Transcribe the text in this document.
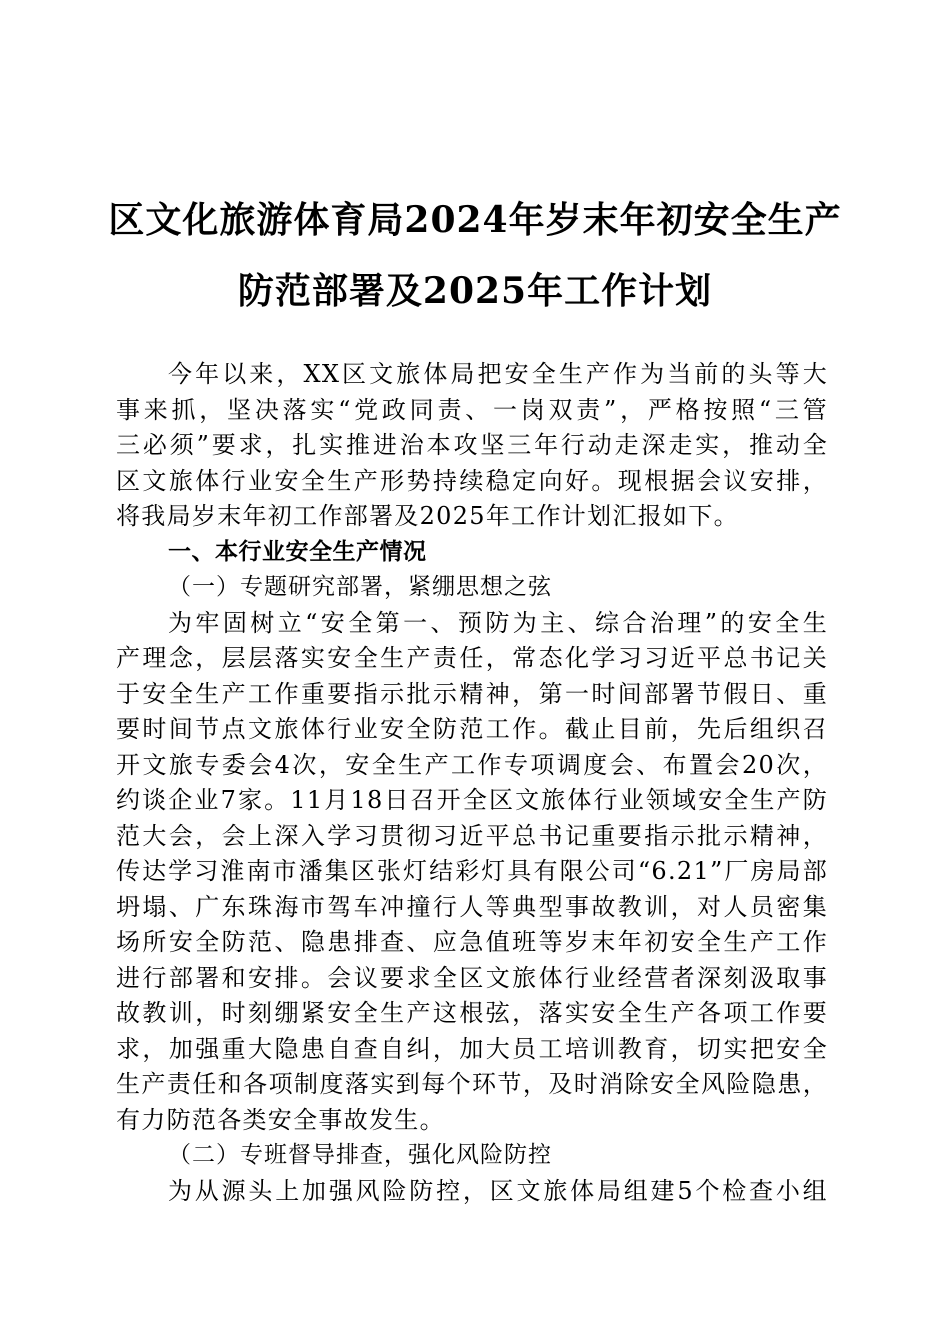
区文化旅游体育局2024年岁末年初安全生产
防范部署及2025年工作计划
今年以来，XX区文旅体局把安全生产作为当前的头等大
事来抓，坚决落实“党政同责、一岗双责”，严格按照“三管
三必须”要求，扎实推进治本攻坚三年行动走深走实，推动全
区文旅体行业安全生产形势持续稳定向好。现根据会议安排，
将我局岁末年初工作部署及2025年工作计划汇报如下。
一、本行业安全生产情况
（一）专题研究部署，紧绷思想之弦
为牢固树立“安全第一、预防为主、综合治理”的安全生
产理念，层层落实安全生产责任，常态化学习习近平总书记关
于安全生产工作重要指示批示精神，第一时间部署节假日、重
要时间节点文旅体行业安全防范工作。截止目前，先后组织召
开文旅专委会4次，安全生产工作专项调度会、布置会20次，
约谈企业7家。11月18日召开全区文旅体行业领域安全生产防
范大会，会上深入学习贯彻习近平总书记重要指示批示精神，
传达学习淮南市潘集区张灯结彩灯具有限公司“6.21”厂房局部
坍塌、广东珠海市驾车冲撞行人等典型事故教训，对人员密集
场所安全防范、隐患排查、应急值班等岁末年初安全生产工作
进行部署和安排。会议要求全区文旅体行业经营者深刻汲取事
故教训，时刻绷紧安全生产这根弦，落实安全生产各项工作要
求，加强重大隐患自查自纠，加大员工培训教育，切实把安全
生产责任和各项制度落实到每个环节，及时消除安全风险隐患，
有力防范各类安全事故发生。
（二）专班督导排查，强化风险防控
为从源头上加强风险防控，区文旅体局组建5个检查小组
